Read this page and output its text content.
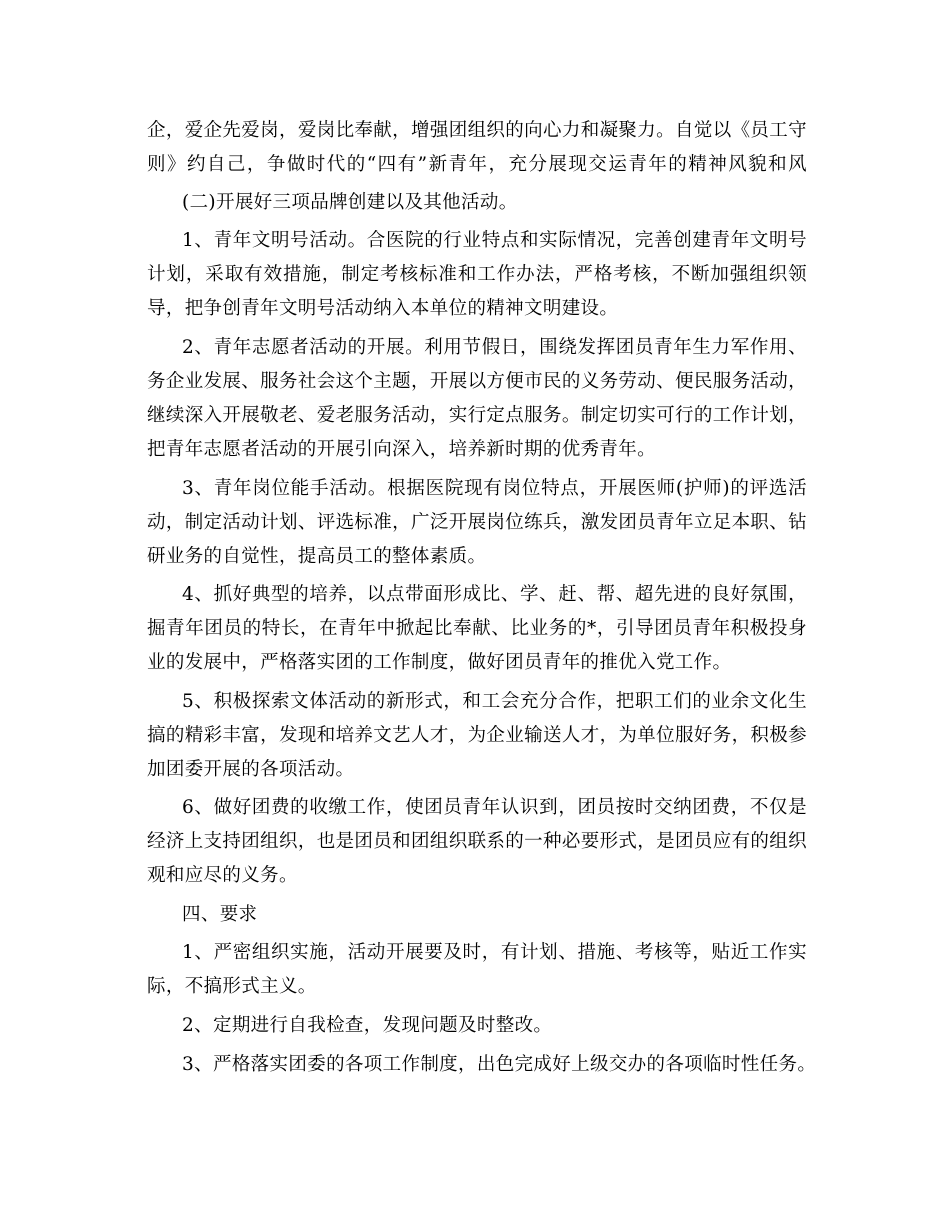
企，爱企先爱岗，爱岗比奉献，增强团组织的向心力和凝聚力。自觉以《员工守
则》约自己，争做时代的“四有”新青年，充分展现交运青年的精神风貌和风
(二)开展好三项品牌创建以及其他活动。
1、青年文明号活动。合医院的行业特点和实际情况，完善创建青年文明号
计划，采取有效措施，制定考核标准和工作办法，严格考核，不断加强组织领
导，把争创青年文明号活动纳入本单位的精神文明建设。
2、青年志愿者活动的开展。利用节假日，围绕发挥团员青年生力军作用、
务企业发展、服务社会这个主题，开展以方便市民的义务劳动、便民服务活动，
继续深入开展敬老、爱老服务活动，实行定点服务。制定切实可行的工作计划，
把青年志愿者活动的开展引向深入，培养新时期的优秀青年。
3、青年岗位能手活动。根据医院现有岗位特点，开展医师(护师)的评选活
动，制定活动计划、评选标准，广泛开展岗位练兵，激发团员青年立足本职、钻
研业务的自觉性，提高员工的整体素质。
4、抓好典型的培养，以点带面形成比、学、赶、帮、超先进的良好氛围，
掘青年团员的特长，在青年中掀起比奉献、比业务的*，引导团员青年积极投身
业的发展中，严格落实团的工作制度，做好团员青年的推优入党工作。
5、积极探索文体活动的新形式，和工会充分合作，把职工们的业余文化生
搞的精彩丰富，发现和培养文艺人才，为企业输送人才，为单位服好务，积极参
加团委开展的各项活动。
6、做好团费的收缴工作，使团员青年认识到，团员按时交纳团费，不仅是
经济上支持团组织，也是团员和团组织联系的一种必要形式，是团员应有的组织
观和应尽的义务。
四、要求
1、严密组织实施，活动开展要及时，有计划、措施、考核等，贴近工作实
际，不搞形式主义。
2、定期进行自我检查，发现问题及时整改。
3、严格落实团委的各项工作制度，出色完成好上级交办的各项临时性任务。
